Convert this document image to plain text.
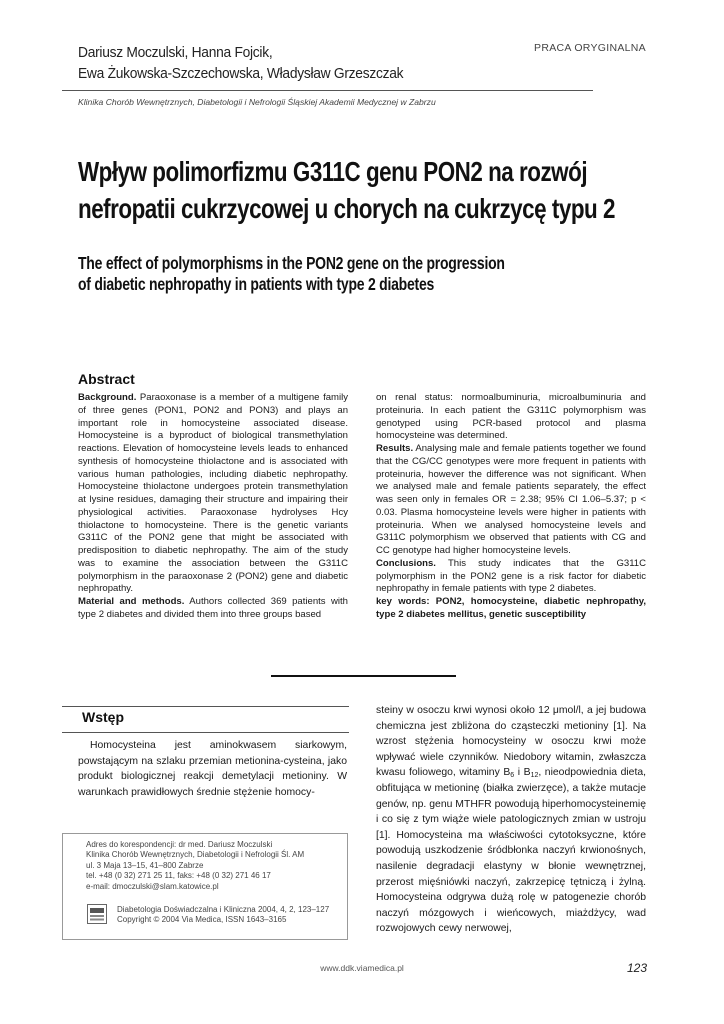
Dariusz Moczulski, Hanna Fojcik,
Ewa Żukowska-Szczechowska, Władysław Grzeszczak
PRACA ORYGINALNA
Klinika Chorób Wewnętrznych, Diabetologii i Nefrologii Śląskiej Akademii Medycznej w Zabrzu
Wpływ polimorfizmu G311C genu PON2 na rozwój
nefropatii cukrzycowej u chorych na cukrzycę typu 2
The effect of polymorphisms in the PON2 gene on the progression
of diabetic nephropathy in patients with type 2 diabetes
Abstract

Background. Paraoxonase is a member of a multigene family of three genes (PON1, PON2 and PON3) and plays an important role in homocysteine associated disease. Homocysteine is a byproduct of biological transmethylation reactions. Elevation of homocysteine levels leads to enhanced synthesis of homocysteine thiolactone and is associated with various human pathologies, including diabetic nephropathy. Homocysteine thiolactone undergoes protein transmethylation at lysine residues, damaging their structure and impairing their physiological activities. Paraoxonase hydrolyses Hcy thiolactone to homocysteine. There is the genetic variants G311C of the PON2 gene that might be associated with predisposition to diabetic nephropathy. The aim of the study was to examine the association between the G311C polymorphism in the paraoxonase 2 (PON2) gene and diabetic nephropathy.

Material and methods. Authors collected 369 patients with type 2 diabetes and divided them into three groups based

on renal status: normoalbuminuria, microalbuminuria and proteinuria. In each patient the G311C polymorphism was genotyped using PCR-based protocol and plasma homocysteine was determined.

Results. Analysing male and female patients together we found that the CG/CC genotypes were more frequent in patients with proteinuria, however the difference was not significant. When we analysed male and female patients separately, the effect was seen only in females OR = 2.38; 95% CI 1.06–5.37; p < 0.03. Plasma homocysteine levels were higher in patients with proteinuria. When we analysed homocysteine levels and G311C polymorphism we observed that patients with CG and CC genotype had higher homocysteine levels.

Conclusions. This study indicates that the G311C polymorphism in the PON2 gene is a risk factor for diabetic nephropathy in female patients with type 2 diabetes.

key words: PON2, homocysteine, diabetic nephropathy, type 2 diabetes mellitus, genetic susceptibility

Wstęp

Homocysteina jest aminokwasem siarkowym, powstającym na szlaku przemian metionina-cysteina, jako produkt biologicznej reakcji demetylacji metioniny. W warunkach prawidłowych średnie stężenie homocy-

steiny w osoczu krwi wynosi około 12 μmol/l, a jej budowa chemiczna jest zbliżona do cząsteczki metioniny [1]. Na wzrost stężenia homocysteiny w osoczu krwi może wpływać wiele czynników. Niedobory witamin, zwłaszcza kwasu foliowego, witaminy $B_6$ i $B_{12}$, nieodpowiednia dieta, obfitująca w metioninę (białka zwierzęce), a także mutacje genów, np. genu MTHFR powodują hiperhomocysteinemię i co się z tym wiąże wiele patologicznych zmian w ustroju [1]. Homocysteina ma właściwości cytotoksyczne, które powodują uszkodzenie śródbłonka naczyń krwionośnych, nasilenie degradacji elastyny w błonie wewnętrznej, przerost mięśniówki naczyń, zakrzepicę tętniczą i żylną. Homocysteina odgrywa dużą rolę w patogenezie chorób naczyń mózgowych i wieńcowych, miażdżycy, wad rozwojowych cewy nerwowej,

Adres do korespondencji: dr med. Dariusz Moczulski
Klinika Chorób Wewnętrznych, Diabetologii i Nefrologii Śl. AM
ul. 3 Maja 13–15, 41–800 Zabrze
tel. +48 (0 32) 271 25 11, faks: +48 (0 32) 271 46 17
e-mail: dmoczulski@slam.katowice.pl
Diabetologia Doświadczalna i Kliniczna 2004, 4, 2, 123–127
Copyright © 2004 Via Medica, ISSN 1643–3165
www.ddk.viamedica.pl	123
